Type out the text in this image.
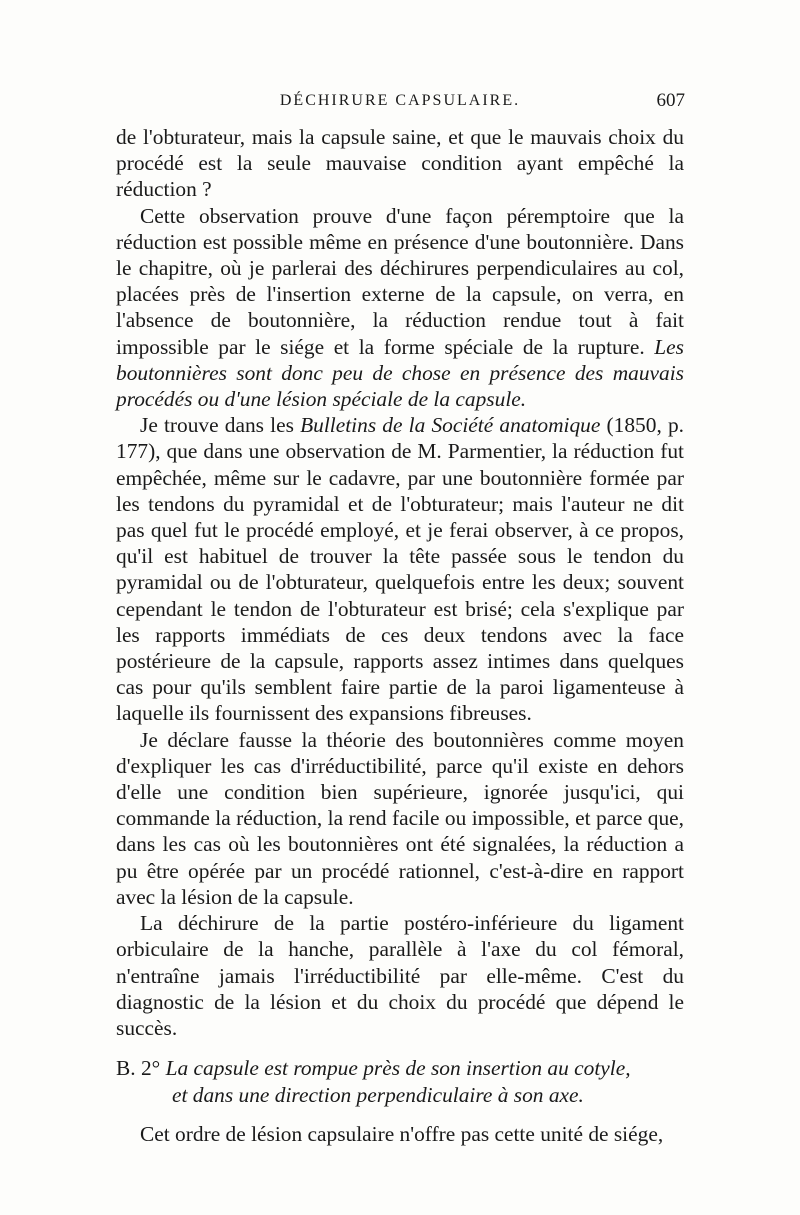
DÉCHIRURE CAPSULAIRE.	607

de l'obturateur, mais la capsule saine, et que le mauvais choix du procédé est la seule mauvaise condition ayant empêché la réduction ?

Cette observation prouve d'une façon péremptoire que la réduction est possible même en présence d'une boutonnière. Dans le chapitre, où je parlerai des déchirures perpendiculaires au col, placées près de l'insertion externe de la capsule, on verra, en l'absence de boutonnière, la réduction rendue tout à fait impossible par le siége et la forme spéciale de la rupture. Les boutonnières sont donc peu de chose en présence des mauvais procédés ou d'une lésion spéciale de la capsule.

Je trouve dans les Bulletins de la Société anatomique (1850, p. 177), que dans une observation de M. Parmentier, la réduction fut empêchée, même sur le cadavre, par une boutonnière formée par les tendons du pyramidal et de l'obturateur; mais l'auteur ne dit pas quel fut le procédé employé, et je ferai observer, à ce propos, qu'il est habituel de trouver la tête passée sous le tendon du pyramidal ou de l'obturateur, quelquefois entre les deux; souvent cependant le tendon de l'obturateur est brisé; cela s'explique par les rapports immédiats de ces deux tendons avec la face postérieure de la capsule, rapports assez intimes dans quelques cas pour qu'ils semblent faire partie de la paroi ligamenteuse à laquelle ils fournissent des expansions fibreuses.

Je déclare fausse la théorie des boutonnières comme moyen d'expliquer les cas d'irréductibilité, parce qu'il existe en dehors d'elle une condition bien supérieure, ignorée jusqu'ici, qui commande la réduction, la rend facile ou impossible, et parce que, dans les cas où les boutonnières ont été signalées, la réduction a pu être opérée par un procédé rationnel, c'est-à-dire en rapport avec la lésion de la capsule.

La déchirure de la partie postéro-inférieure du ligament orbiculaire de la hanche, parallèle à l'axe du col fémoral, n'entraîne jamais l'irréductibilité par elle-même. C'est du diagnostic de la lésion et du choix du procédé que dépend le succès.

B. 2° La capsule est rompue près de son insertion au cotyle,
et dans une direction perpendiculaire à son axe.

Cet ordre de lésion capsulaire n'offre pas cette unité de siége,
